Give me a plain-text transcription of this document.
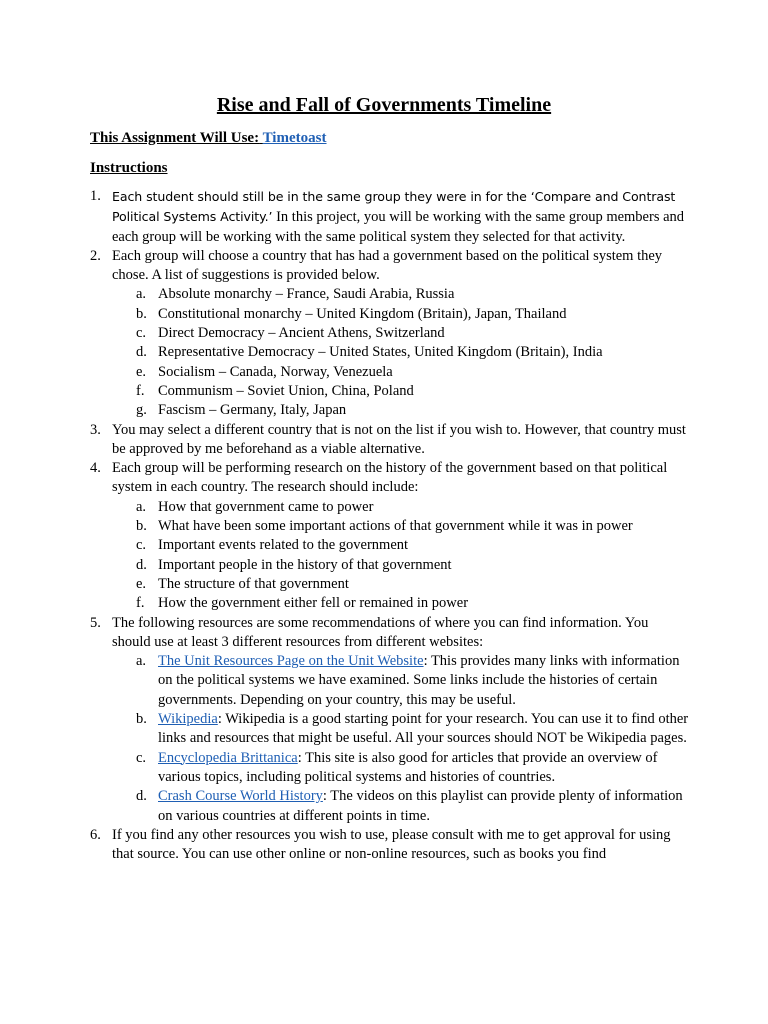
Rise and Fall of Governments Timeline
This Assignment Will Use: Timetoast
Instructions
1. Each student should still be in the same group they were in for the ‘Compare and Contrast Political Systems Activity.’ In this project, you will be working with the same group members and each group will be working with the same political system they selected for that activity.
2. Each group will choose a country that has had a government based on the political system they chose. A list of suggestions is provided below.
a. Absolute monarchy – France, Saudi Arabia, Russia
b. Constitutional monarchy – United Kingdom (Britain), Japan, Thailand
c. Direct Democracy – Ancient Athens, Switzerland
d. Representative Democracy – United States, United Kingdom (Britain), India
e. Socialism – Canada, Norway, Venezuela
f. Communism – Soviet Union, China, Poland
g. Fascism – Germany, Italy, Japan
3. You may select a different country that is not on the list if you wish to. However, that country must be approved by me beforehand as a viable alternative.
4. Each group will be performing research on the history of the government based on that political system in each country. The research should include:
a. How that government came to power
b. What have been some important actions of that government while it was in power
c. Important events related to the government
d. Important people in the history of that government
e. The structure of that government
f. How the government either fell or remained in power
5. The following resources are some recommendations of where you can find information. You should use at least 3 different resources from different websites:
a. The Unit Resources Page on the Unit Website: This provides many links with information on the political systems we have examined. Some links include the histories of certain governments. Depending on your country, this may be useful.
b. Wikipedia: Wikipedia is a good starting point for your research. You can use it to find other links and resources that might be useful. All your sources should NOT be Wikipedia pages.
c. Encyclopedia Brittanica: This site is also good for articles that provide an overview of various topics, including political systems and histories of countries.
d. Crash Course World History: The videos on this playlist can provide plenty of information on various countries at different points in time.
6. If you find any other resources you wish to use, please consult with me to get approval for using that source. You can use other online or non-online resources, such as books you find
